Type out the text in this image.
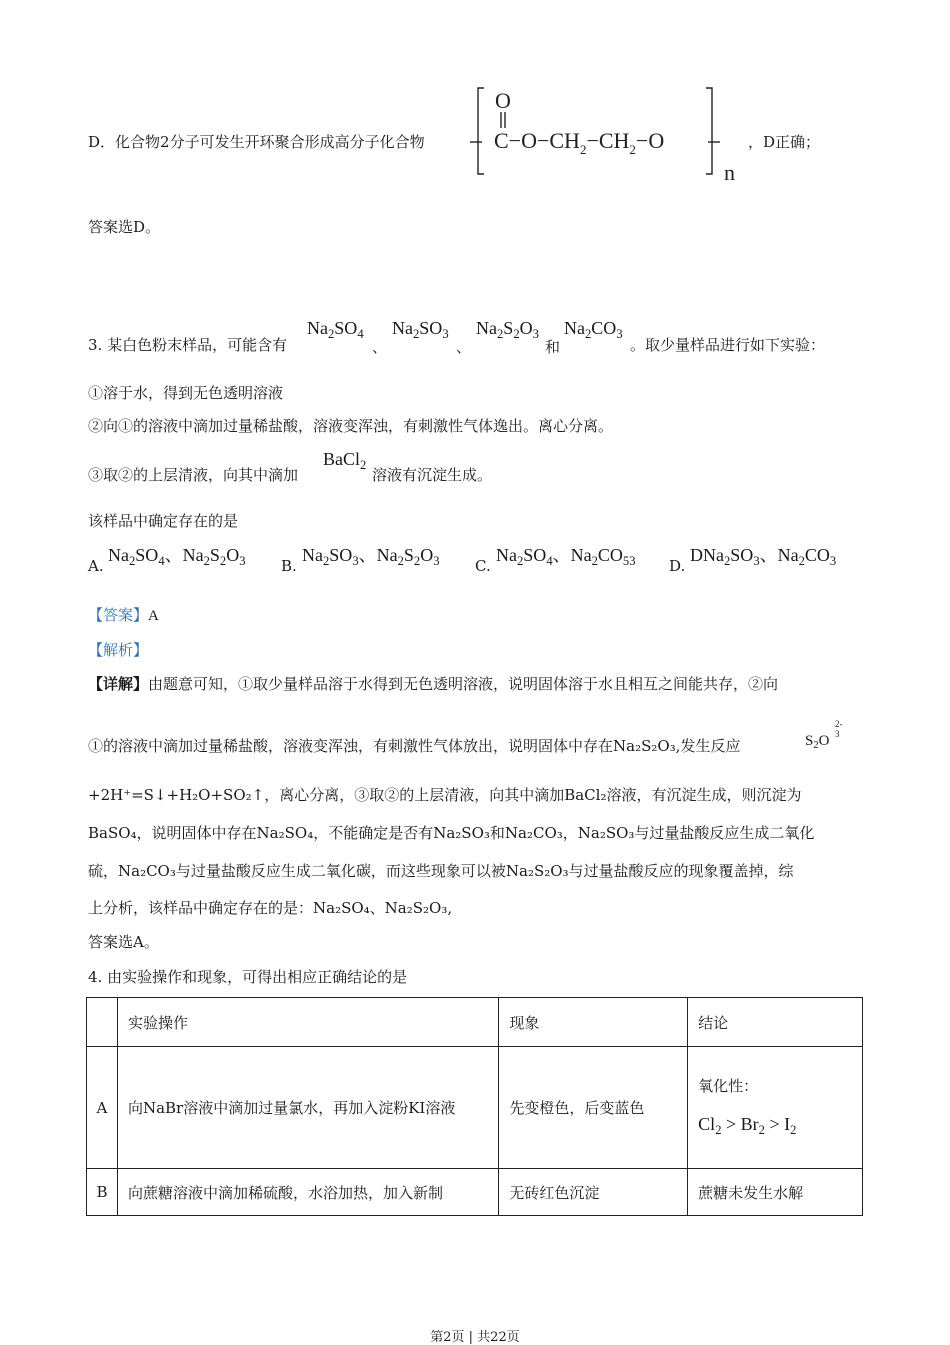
D．化合物2分子可发生开环聚合形成高分子化合物
O
$C-O-CH_2-CH_2-O$
n
，D正确；
答案选D。
3. 某白色粉末样品，可能含有
$Na_2SO_4$
、
$Na_2SO_3$
、
$Na_2S_2O_3$
和
$Na_2CO_3$
。取少量样品进行如下实验：
①溶于水，得到无色透明溶液
②向①的溶液中滴加过量稀盐酸，溶液变浑浊，有刺激性气体逸出。离心分离。
③取②的上层清液，向其中滴加
BaCl$_2$
溶液有沉淀生成。
该样品中确定存在的是
A.
$Na_2SO_4$、$Na_2S_2O_3$ B.
$Na_2SO_3$、$Na_2S_2O_3$ C.
$Na_2SO_4$、$Na_2CO_{53}$ D.
$DNa_2SO_3$、$Na_2CO_3$
【答案】A
【解析】
【详解】由题意可知，①取少量样品溶于水得到无色透明溶液，说明固体溶于水且相互之间能共存，②向
①的溶液中滴加过量稀盐酸，溶液变浑浊，有刺激性气体放出，说明固体中存在Na₂S₂O₃,发生反应	$S_2O$
2-
3
+2H⁺=S↓+H₂O+SO₂↑，离心分离，③取②的上层清液，向其中滴加BaCl₂溶液，有沉淀生成，则沉淀为
BaSO₄，说明固体中存在Na₂SO₄，不能确定是否有Na₂SO₃和Na₂CO₃，Na₂SO₃与过量盐酸反应生成二氧化
硫，Na₂CO₃与过量盐酸反应生成二氧化碳，而这些现象可以被Na₂S₂O₃与过量盐酸反应的现象覆盖掉，综
上分析，该样品中确定存在的是：Na₂SO₄、Na₂S₂O₃,
答案选A。
4. 由实验操作和现象，可得出相应正确结论的是
	实验操作	现象	结论
A	向NaBr溶液中滴加过量氯水，再加入淀粉KI溶液	先变橙色，后变蓝色	氧化性：
$Cl_2 > Br_2 > I_2$

B	向蔗糖溶液中滴加稀硫酸，水浴加热，加入新制	无砖红色沉淀	蔗糖未发生水解
第2页 | 共22页
